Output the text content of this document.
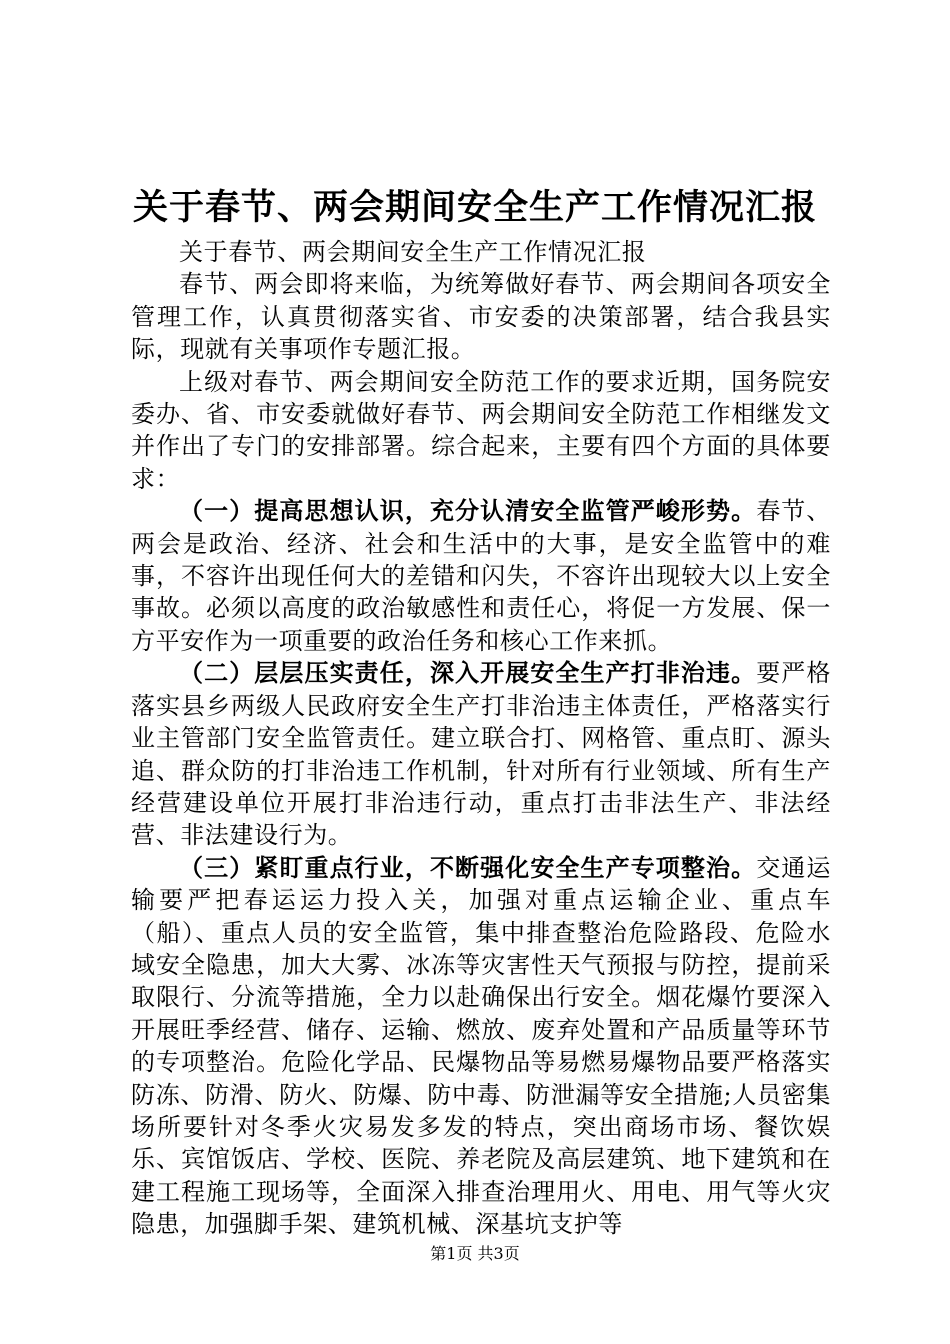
关于春节、两会期间安全生产工作情况汇报

关于春节、两会期间安全生产工作情况汇报

春节、两会即将来临，为统筹做好春节、两会期间各项安全管理工作，认真贯彻落实省、市安委的决策部署，结合我县实际，现就有关事项作专题汇报。

上级对春节、两会期间安全防范工作的要求近期，国务院安委办、省、市安委就做好春节、两会期间安全防范工作相继发文并作出了专门的安排部署。综合起来，主要有四个方面的具体要求：

（一）提高思想认识，充分认清安全监管严峻形势。春节、两会是政治、经济、社会和生活中的大事，是安全监管中的难事，不容许出现任何大的差错和闪失，不容许出现较大以上安全事故。必须以高度的政治敏感性和责任心，将促一方发展、保一方平安作为一项重要的政治任务和核心工作来抓。

（二）层层压实责任，深入开展安全生产打非治违。要严格落实县乡两级人民政府安全生产打非治违主体责任，严格落实行业主管部门安全监管责任。建立联合打、网格管、重点盯、源头追、群众防的打非治违工作机制，针对所有行业领域、所有生产经营建设单位开展打非治违行动，重点打击非法生产、非法经营、非法建设行为。

（三）紧盯重点行业，不断强化安全生产专项整治。交通运输要严把春运运力投入关，加强对重点运输企业、重点车（船）、重点人员的安全监管，集中排查整治危险路段、危险水域安全隐患，加大大雾、冰冻等灾害性天气预报与防控，提前采取限行、分流等措施，全力以赴确保出行安全。烟花爆竹要深入开展旺季经营、储存、运输、燃放、废弃处置和产品质量等环节的专项整治。危险化学品、民爆物品等易燃易爆物品要严格落实防冻、防滑、防火、防爆、防中毒、防泄漏等安全措施;人员密集场所要针对冬季火灾易发多发的特点，突出商场市场、餐饮娱乐、宾馆饭店、学校、医院、养老院及高层建筑、地下建筑和在建工程施工现场等，全面深入排查治理用火、用电、用气等火灾隐患，加强脚手架、建筑机械、深基坑支护等

第1页 共3页
